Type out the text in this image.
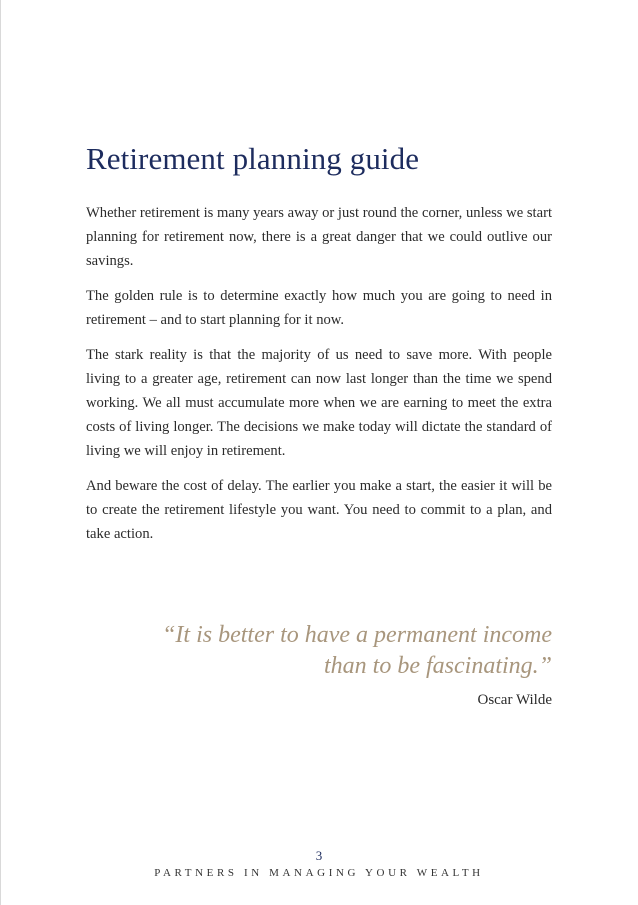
Retirement planning guide

Whether retirement is many years away or just round the corner, unless we start planning for retirement now, there is a great danger that we could outlive our savings.

The golden rule is to determine exactly how much you are going to need in retirement – and to start planning for it now.

The stark reality is that the majority of us need to save more. With people living to a greater age, retirement can now last longer than the time we spend working. We all must accumulate more when we are earning to meet the extra costs of living longer. The decisions we make today will dictate the standard of living we will enjoy in retirement.

And beware the cost of delay. The earlier you make a start, the easier it will be to create the retirement lifestyle you want. You need to commit to a plan, and take action.

“It is better to have a permanent income
than to be fascinating.”

Oscar Wilde

3
PARTNERS IN MANAGING YOUR WEALTH
